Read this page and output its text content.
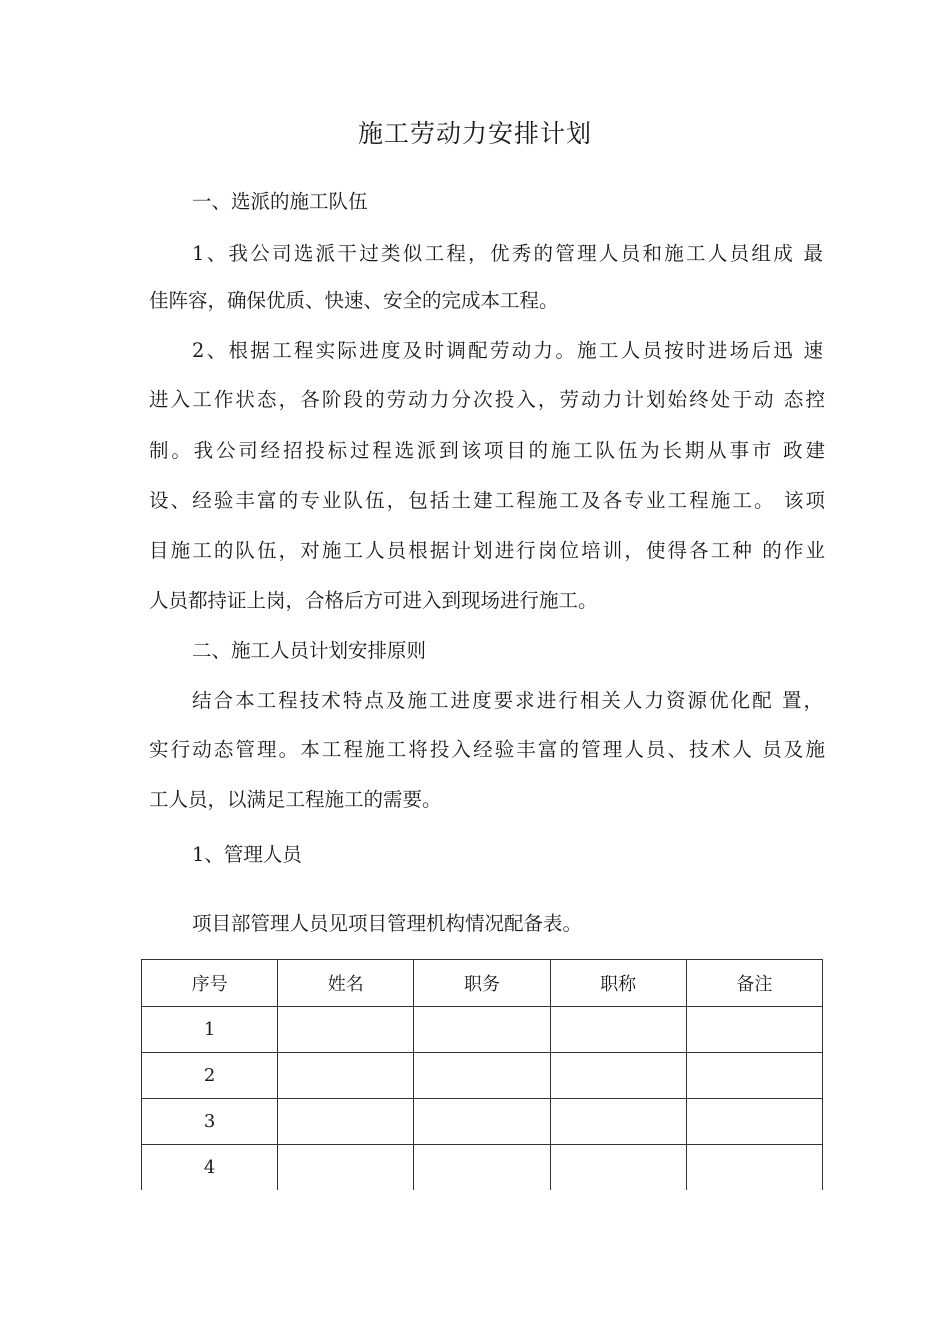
施工劳动力安排计划
一、选派的施工队伍
1、我公司选派干过类似工程，优秀的管理人员和施工人员组成 最
佳阵容，确保优质、快速、安全的完成本工程。
2、根据工程实际进度及时调配劳动力。施工人员按时进场后迅 速
进入工作状态，各阶段的劳动力分次投入，劳动力计划始终处于动 态控
制。我公司经招投标过程选派到该项目的施工队伍为长期从事市 政建
设、经验丰富的专业队伍，包括土建工程施工及各专业工程施工。 该项
目施工的队伍，对施工人员根据计划进行岗位培训，使得各工种 的作业
人员都持证上岗，合格后方可进入到现场进行施工。
二、施工人员计划安排原则
结合本工程技术特点及施工进度要求进行相关人力资源优化配 置，
实行动态管理。本工程施工将投入经验丰富的管理人员、技术人 员及施
工人员，以满足工程施工的需要。
1、管理人员
项目部管理人员见项目管理机构情况配备表。
序号	姓名	职务	职称	备注
1				
2				
3				
4				
